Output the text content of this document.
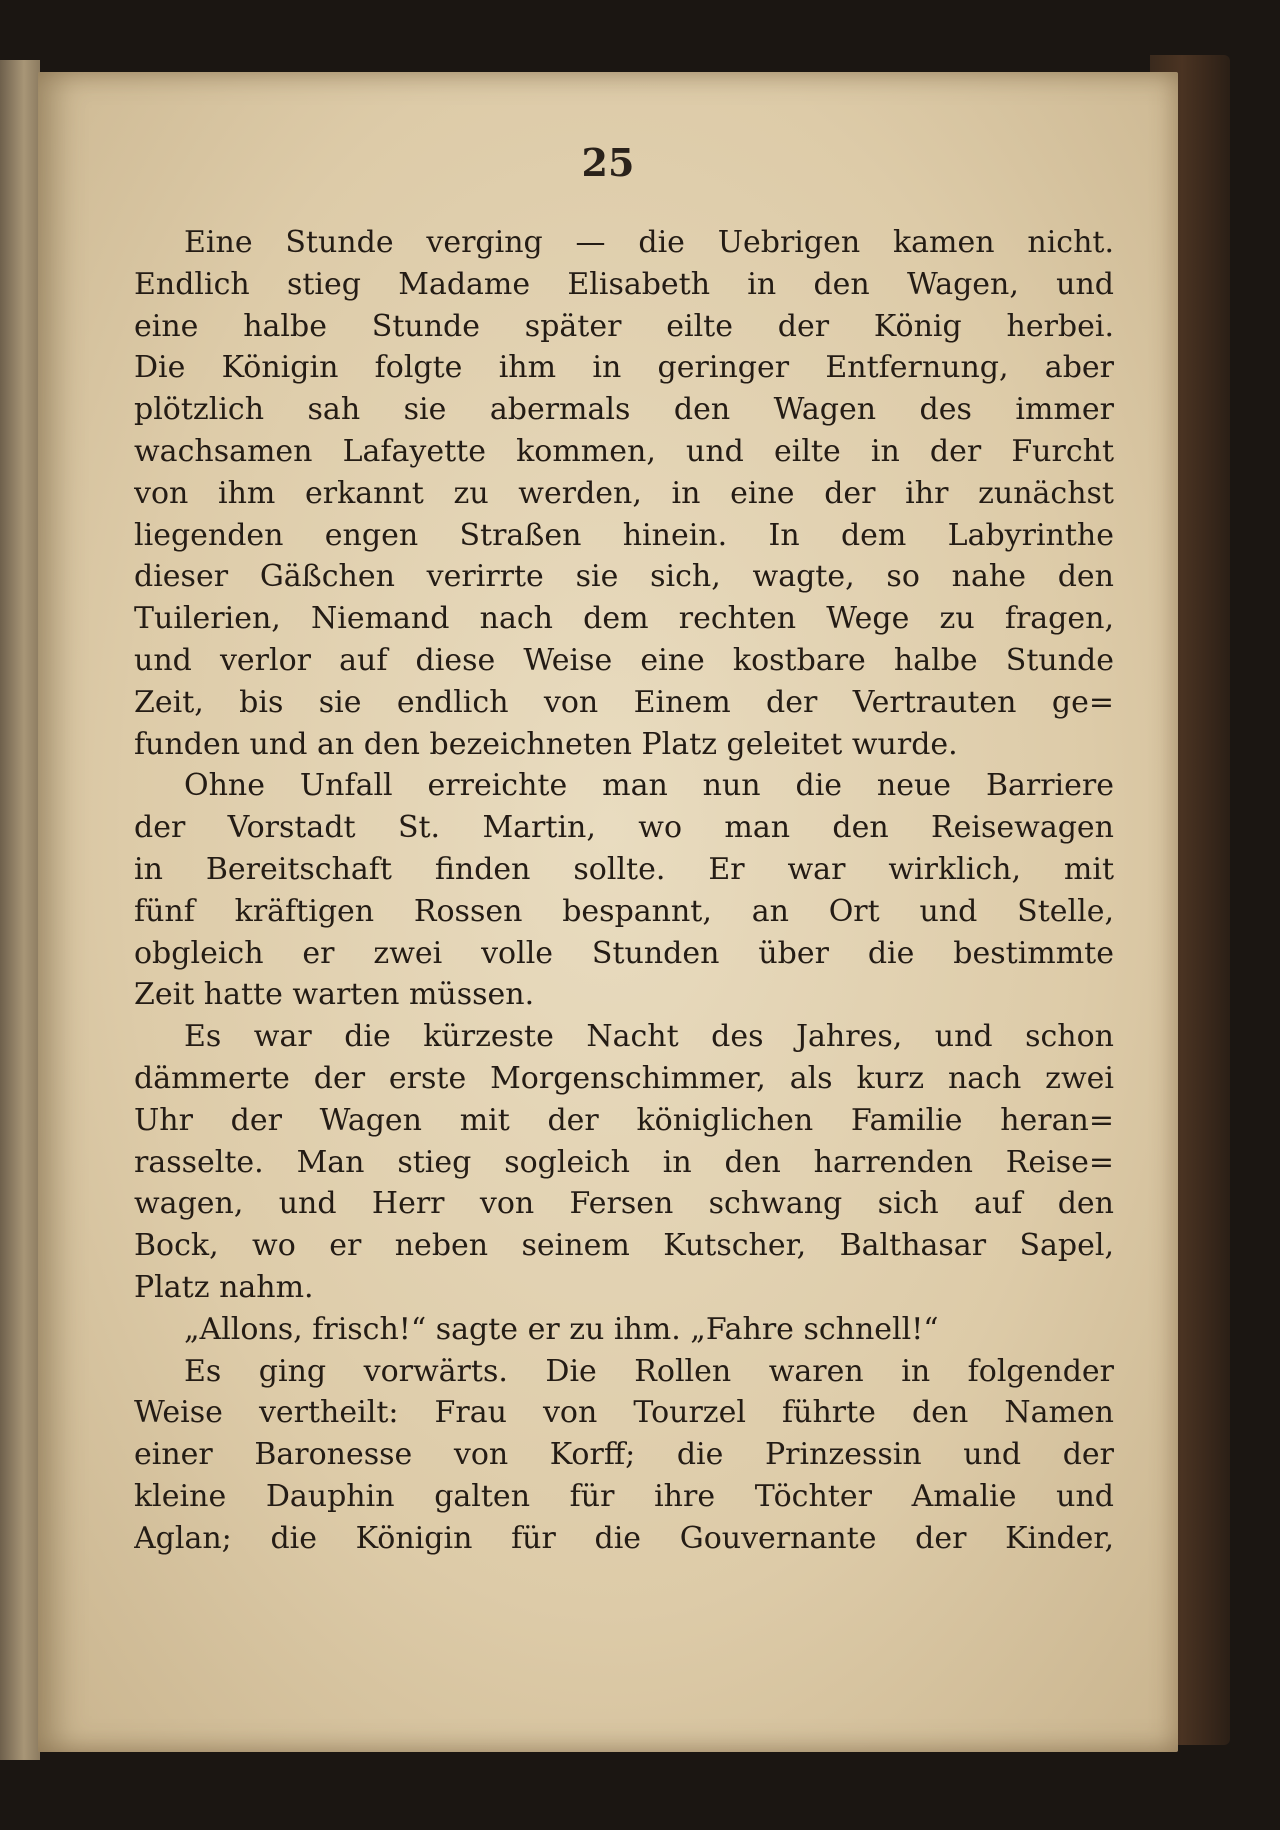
25
Eine Stunde verging — die Uebrigen kamen nicht.
Endlich stieg Madame Elisabeth in den Wagen, und
eine halbe Stunde später eilte der König herbei.
Die Königin folgte ihm in geringer Entfernung, aber
plötzlich sah sie abermals den Wagen des immer
wachsamen Lafayette kommen, und eilte in der Furcht
von ihm erkannt zu werden, in eine der ihr zunächst
liegenden engen Straßen hinein. In dem Labyrinthe
dieser Gäßchen verirrte sie sich, wagte, so nahe den
Tuilerien, Niemand nach dem rechten Wege zu fragen,
und verlor auf diese Weise eine kostbare halbe Stunde
Zeit, bis sie endlich von Einem der Vertrauten ge=
funden und an den bezeichneten Platz geleitet wurde.
Ohne Unfall erreichte man nun die neue Barriere
der Vorstadt St. Martin, wo man den Reisewagen
in Bereitschaft finden sollte. Er war wirklich, mit
fünf kräftigen Rossen bespannt, an Ort und Stelle,
obgleich er zwei volle Stunden über die bestimmte
Zeit hatte warten müssen.
Es war die kürzeste Nacht des Jahres, und schon
dämmerte der erste Morgenschimmer, als kurz nach zwei
Uhr der Wagen mit der königlichen Familie heran=
rasselte. Man stieg sogleich in den harrenden Reise=
wagen, und Herr von Fersen schwang sich auf den
Bock, wo er neben seinem Kutscher, Balthasar Sapel,
Platz nahm.
„Allons, frisch!“ sagte er zu ihm. „Fahre schnell!“
Es ging vorwärts. Die Rollen waren in folgender
Weise vertheilt: Frau von Tourzel führte den Namen
einer Baronesse von Korff; die Prinzessin und der
kleine Dauphin galten für ihre Töchter Amalie und
Aglan; die Königin für die Gouvernante der Kinder,
